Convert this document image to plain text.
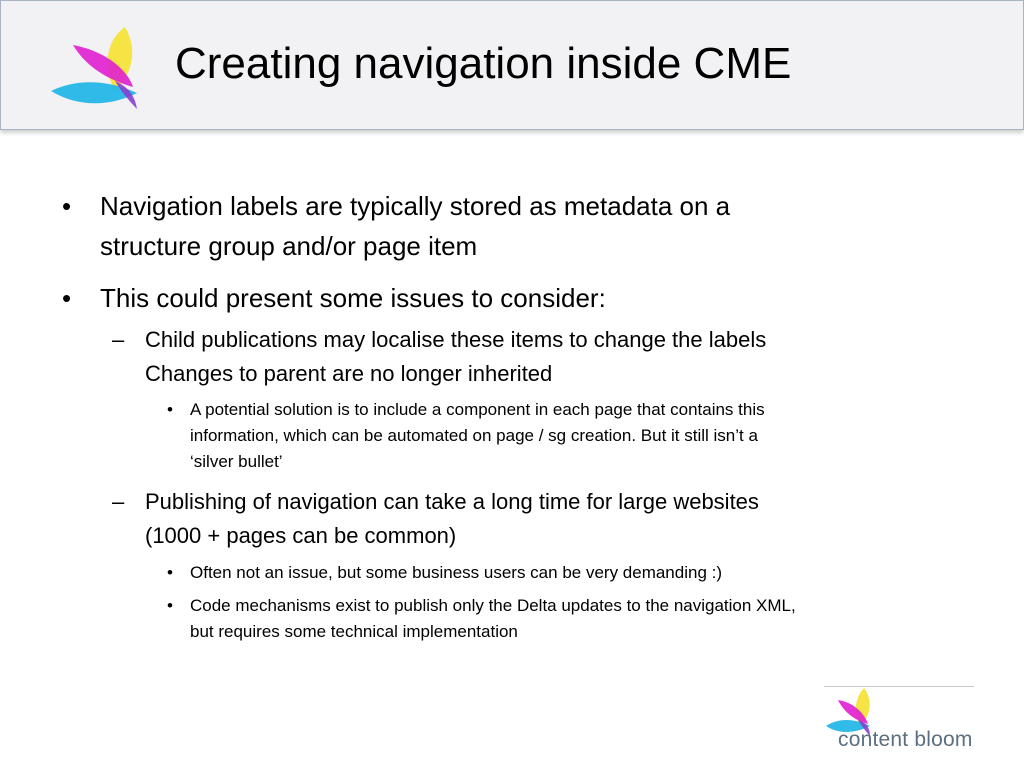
Creating navigation inside CME
• Navigation labels are typically stored as metadata on a
structure group and/or page item
• This could present some issues to consider:
– Child publications may localise these items to change the labels
Changes to parent are no longer inherited
• A potential solution is to include a component in each page that contains this
information, which can be automated on page / sg creation. But it still isn’t a
‘silver bullet’
– Publishing of navigation can take a long time for large websites
(1000 + pages can be common)
• Often not an issue, but some business users can be very demanding :)
• Code mechanisms exist to publish only the Delta updates to the navigation XML,
but requires some technical implementation
content bloom
